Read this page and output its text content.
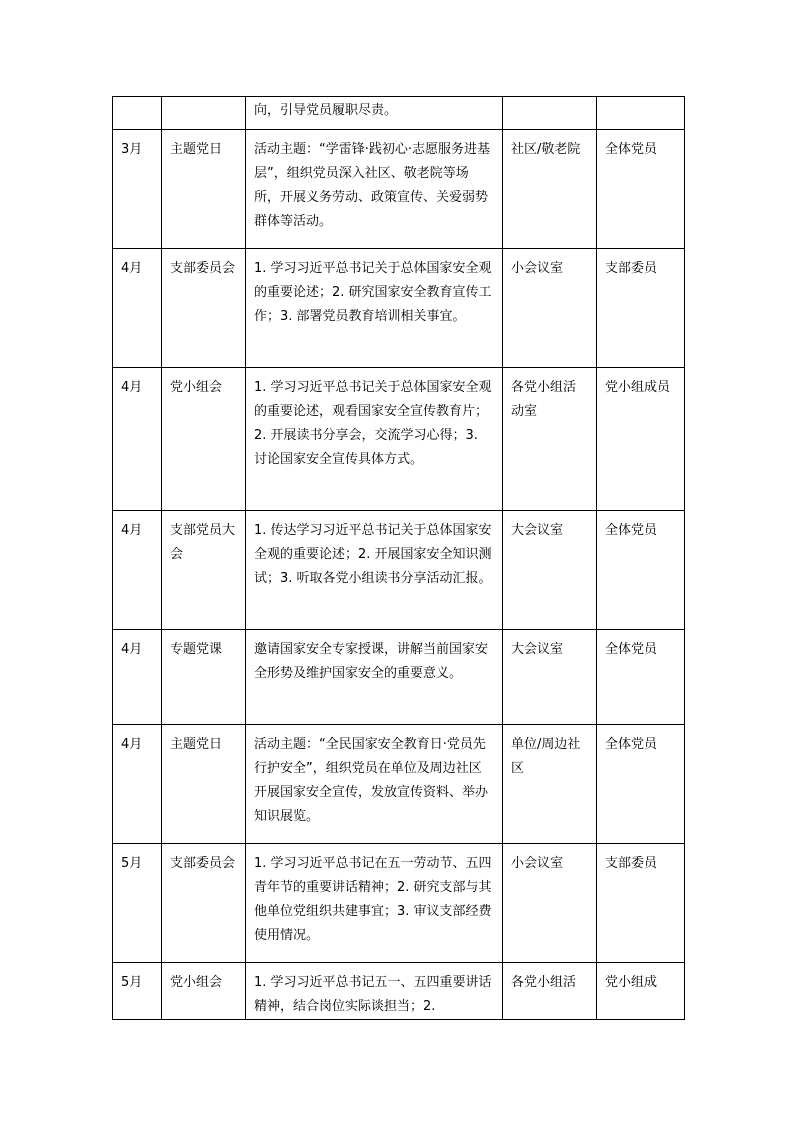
		向，引导党员履职尽责。		
3月	主题党日	活动主题：“学雷锋·践初心·志愿服务进基层”，组织党员深入社区、敬老院等场所，开展义务劳动、政策宣传、关爱弱势群体等活动。	社区/敬老院	全体党员
4月	支部委员会	1. 学习习近平总书记关于总体国家安全观的重要论述；2. 研究国家安全教育宣传工作；3. 部署党员教育培训相关事宜。	小会议室	支部委员
4月	党小组会	1. 学习习近平总书记关于总体国家安全观的重要论述，观看国家安全宣传教育片；2. 开展读书分享会，交流学习心得；3. 讨论国家安全宣传具体方式。	各党小组活动室	党小组成员
4月	支部党员大会	1. 传达学习习近平总书记关于总体国家安全观的重要论述；2. 开展国家安全知识测试；3. 听取各党小组读书分享活动汇报。	大会议室	全体党员
4月	专题党课	邀请国家安全专家授课，讲解当前国家安全形势及维护国家安全的重要意义。	大会议室	全体党员
4月	主题党日	活动主题：“全民国家安全教育日·党员先行护安全”，组织党员在单位及周边社区开展国家安全宣传，发放宣传资料、举办知识展览。	单位/周边社区	全体党员
5月	支部委员会	1. 学习习近平总书记在五一劳动节、五四青年节的重要讲话精神；2. 研究支部与其他单位党组织共建事宜；3. 审议支部经费使用情况。	小会议室	支部委员
5月	党小组会	1. 学习习近平总书记五一、五四重要讲话精神，结合岗位实际谈担当；2.	各党小组活	党小组成
